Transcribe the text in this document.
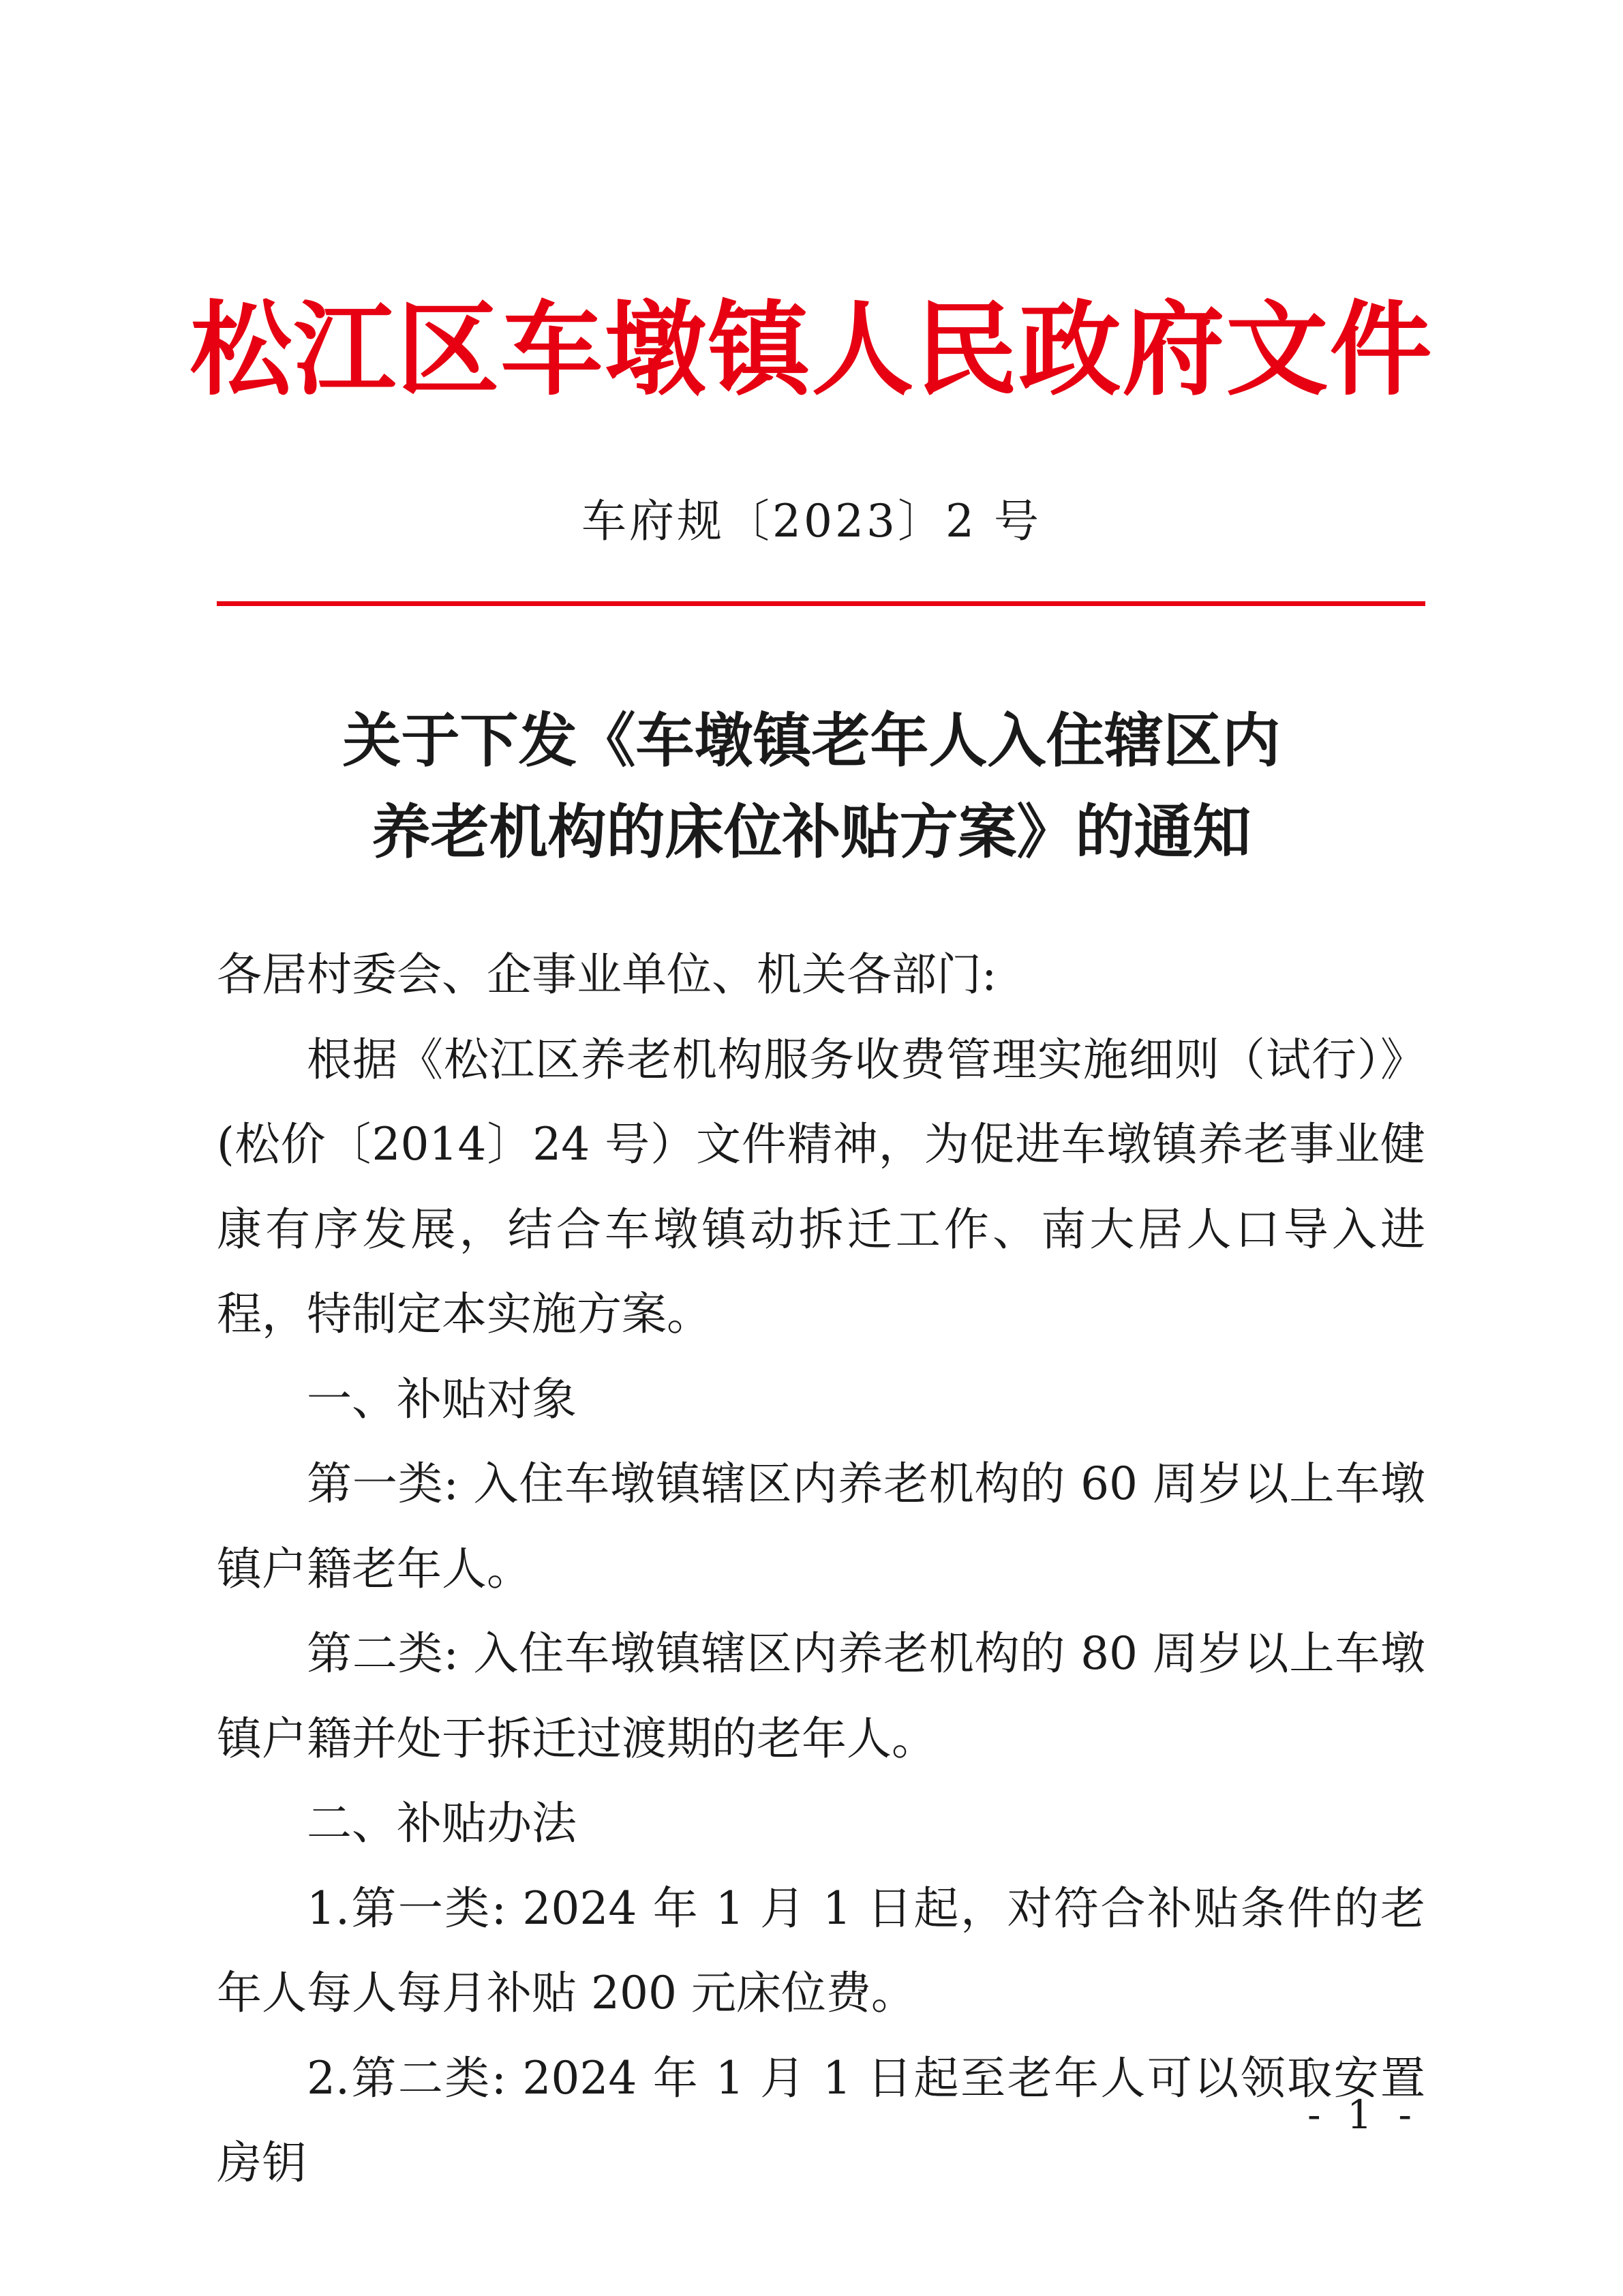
松江区车墩镇人民政府文件
车府规〔2023〕2 号
关于下发《车墩镇老年人入住辖区内
养老机构的床位补贴方案》的通知

各居村委会、企事业单位、机关各部门:

根据《松江区养老机构服务收费管理实施细则（试行）》(松价〔2014〕24 号）文件精神，为促进车墩镇养老事业健康有序发展，结合车墩镇动拆迁工作、南大居人口导入进程，特制定本实施方案。

一、补贴对象

第一类: 入住车墩镇辖区内养老机构的 60 周岁以上车墩镇户籍老年人。

第二类: 入住车墩镇辖区内养老机构的 80 周岁以上车墩镇户籍并处于拆迁过渡期的老年人。

二、补贴办法

1.第一类: 2024 年 1 月 1 日起，对符合补贴条件的老年人每人每月补贴 200 元床位费。

2.第二类: 2024 年 1 月 1 日起至老年人可以领取安置房钥

- 1 -
